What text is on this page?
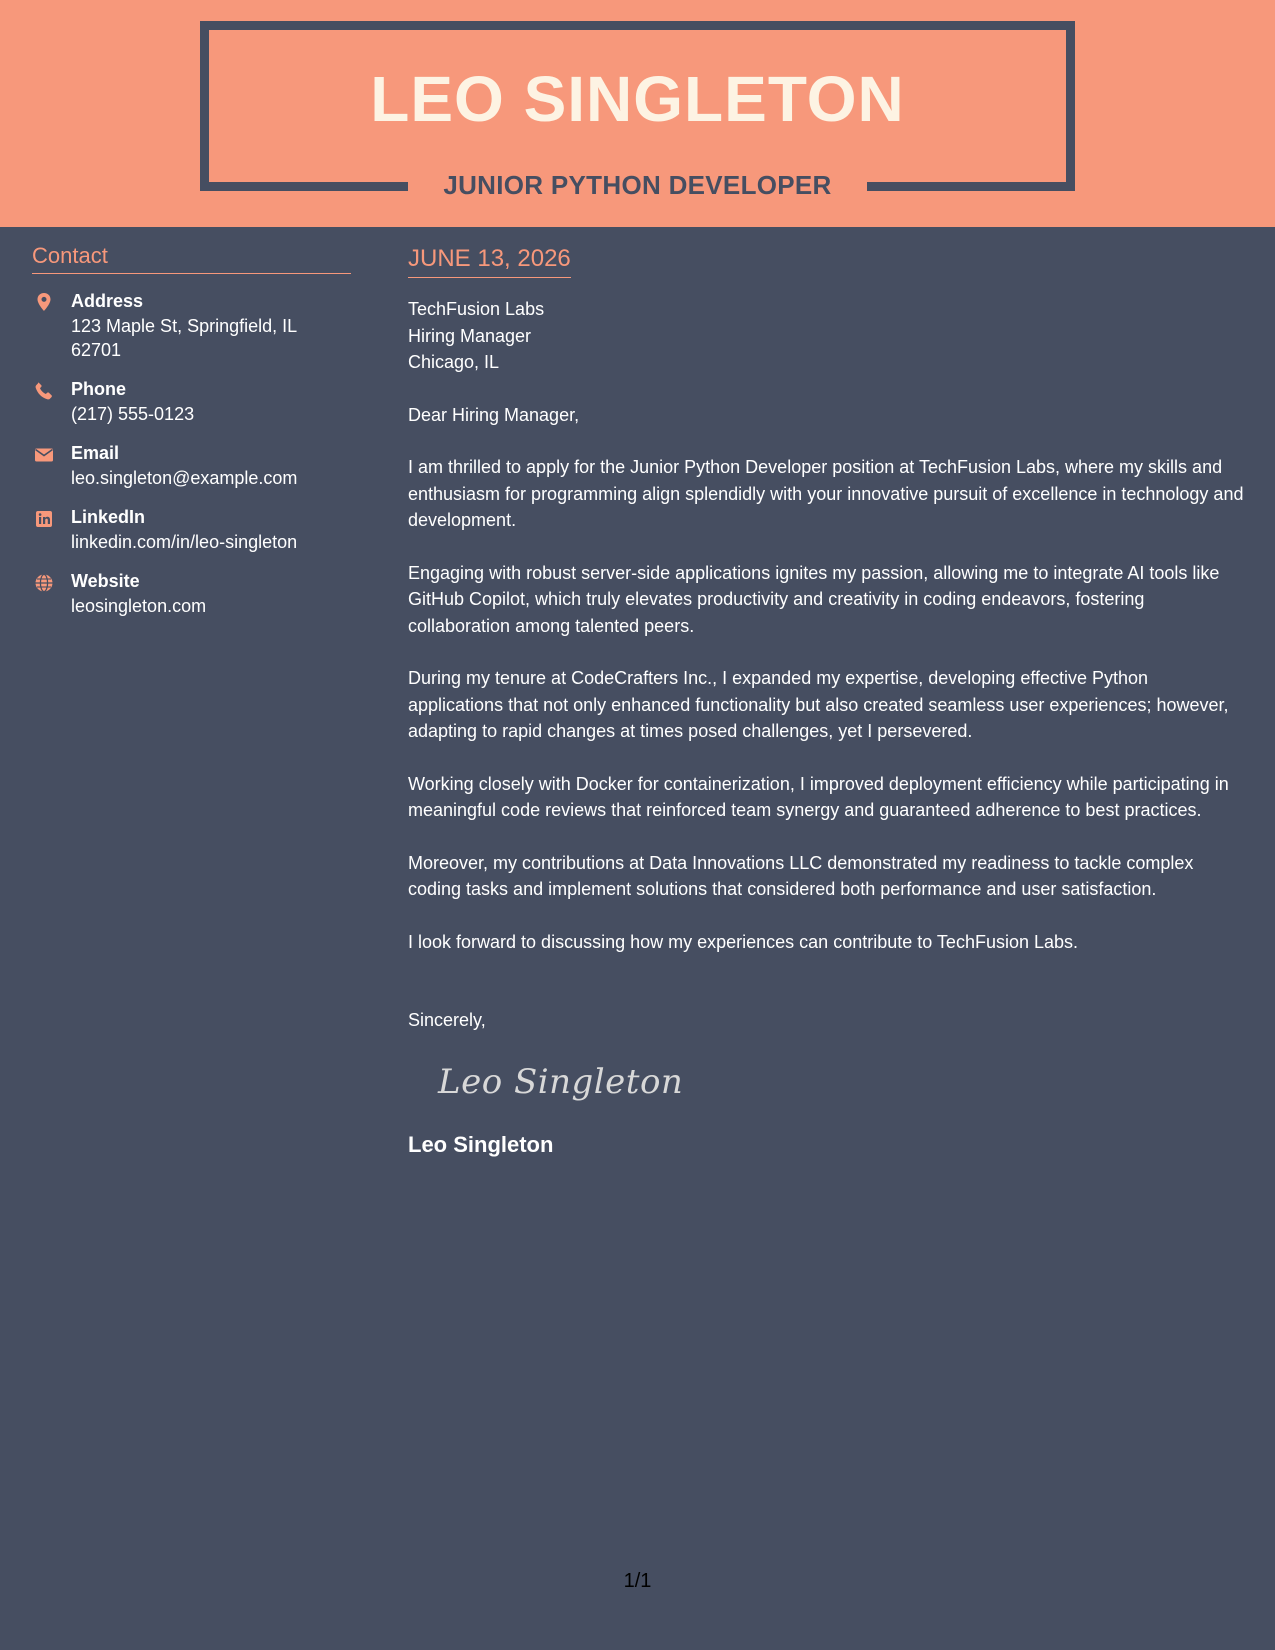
LEO SINGLETON
JUNIOR PYTHON DEVELOPER
Contact
Address
123 Maple St, Springfield, IL 62701
Phone
(217) 555-0123
Email
leo.singleton@example.com
LinkedIn
linkedin.com/in/leo-singleton
Website
leosingleton.com
JUNE 13, 2026
TechFusion Labs
Hiring Manager
Chicago, IL
Dear Hiring Manager,
I am thrilled to apply for the Junior Python Developer position at TechFusion Labs, where my skills and enthusiasm for programming align splendidly with your innovative pursuit of excellence in technology and development.
Engaging with robust server-side applications ignites my passion, allowing me to integrate AI tools like GitHub Copilot, which truly elevates productivity and creativity in coding endeavors, fostering collaboration among talented peers.
During my tenure at CodeCrafters Inc., I expanded my expertise, developing effective Python applications that not only enhanced functionality but also created seamless user experiences; however, adapting to rapid changes at times posed challenges, yet I persevered.
Working closely with Docker for containerization, I improved deployment efficiency while participating in meaningful code reviews that reinforced team synergy and guaranteed adherence to best practices.
Moreover, my contributions at Data Innovations LLC demonstrated my readiness to tackle complex coding tasks and implement solutions that considered both performance and user satisfaction.
I look forward to discussing how my experiences can contribute to TechFusion Labs.
Sincerely,
Leo Singleton
Leo Singleton
1/1
